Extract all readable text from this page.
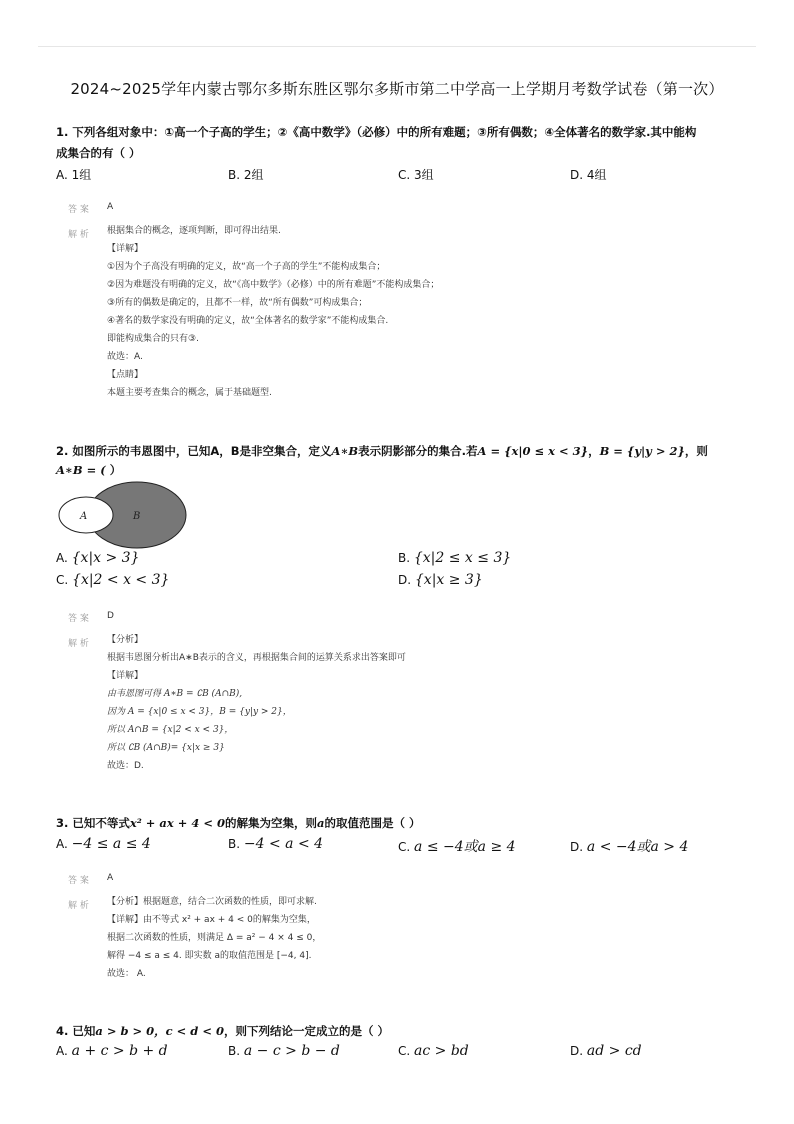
2024~2025学年内蒙古鄂尔多斯东胜区鄂尔多斯市第二中学高一上学期月考数学试卷（第一次）
1. 下列各组对象中：①高一个子高的学生；②《高中数学》（必修）中的所有难题；③所有偶数；④全体著名的数学家.其中能构
成集合的有（ ）
A. 1组	B. 2组	C. 3组	D. 4组
答 案 A
解 析 根据集合的概念，逐项判断，即可得出结果.
【详解】
①因为个子高没有明确的定义，故“高一个子高的学生”不能构成集合；
②因为难题没有明确的定义，故“《高中数学》（必修）中的所有难题”不能构成集合；
③所有的偶数是确定的，且都不一样，故“所有偶数”可构成集合；
④著名的数学家没有明确的定义，故“全体著名的数学家”不能构成集合.
即能构成集合的只有③.
故选：A.
【点睛】
本题主要考查集合的概念，属于基础题型.
2. 如图所示的韦恩图中，已知A，B是非空集合，定义A∗B表示阴影部分的集合.若A = {x|0 ≤ x < 3}，B = {y|y > 2}，则
A∗B = ( ）
A	B
A. {x|x > 3}	B. {x|2 ≤ x ≤ 3}
C. {x|2 < x < 3}	D. {x|x ≥ 3}
答 案 D
解 析 【分析】
根据韦恩图分析出A∗B表示的含义，再根据集合间的运算关系求出答案即可
【详解】
由韦恩图可得 A∗B = ∁B (A∩B),
因为 A = {x|0 ≤ x < 3}，B = {y|y > 2}，
所以 A∩B = {x|2 < x < 3}，
所以 ∁B (A∩B)= {x|x ≥ 3}
故选：D.
3. 已知不等式x² + ax + 4 < 0的解集为空集，则a的取值范围是（ ）
A. −4 ≤ a ≤ 4	B. −4 < a < 4	C. a ≤ −4或a ≥ 4	D. a < −4或a > 4
答 案 A
解 析 【分析】根据题意，结合二次函数的性质，即可求解.
【详解】由不等式 x² + ax + 4 < 0的解集为空集，
根据二次函数的性质，则满足 Δ = a² − 4 × 4 ≤ 0，
解得 −4 ≤ a ≤ 4. 即实数 a的取值范围是 [−4, 4].
故选： A.
4. 已知a > b > 0，c < d < 0，则下列结论一定成立的是（ ）
A. a + c > b + d	B. a − c > b − d	C. ac > bd	D. ad > cd
